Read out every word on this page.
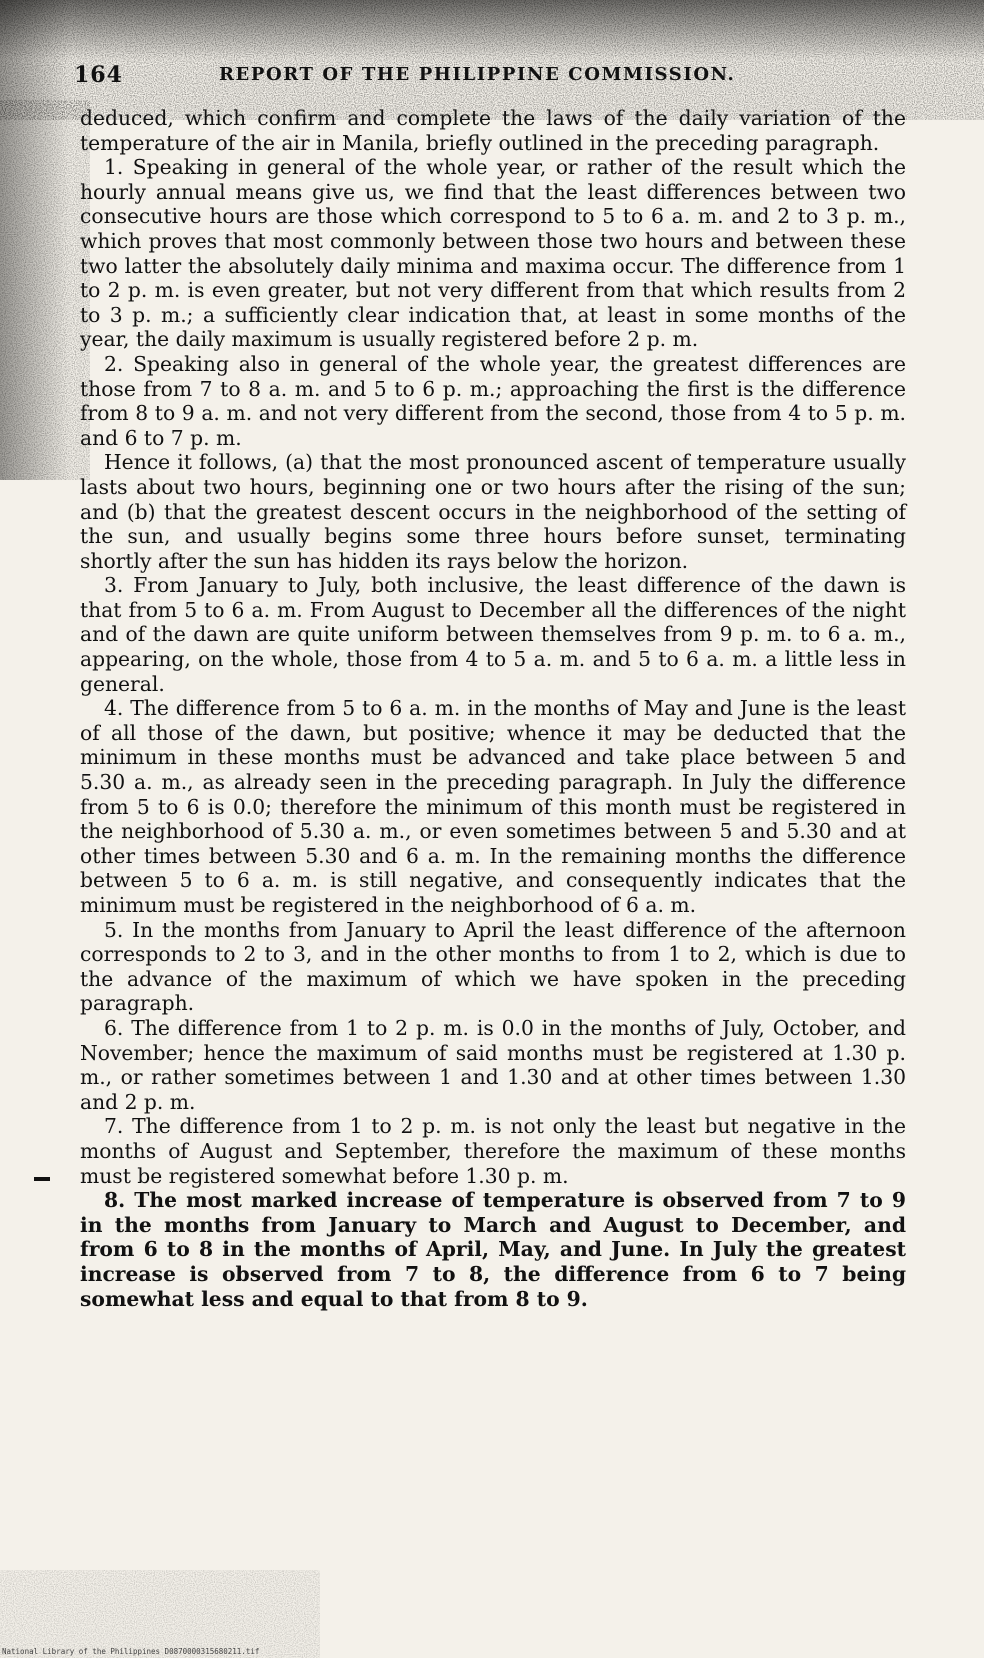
164	REPORT OF THE PHILIPPINE COMMISSION.

deduced, which confirm and complete the laws of the daily variation of the temperature of the air in Manila, briefly outlined in the preceding paragraph.

1. Speaking in general of the whole year, or rather of the result which the hourly annual means give us, we find that the least differences between two consecutive hours are those which correspond to 5 to 6 a. m. and 2 to 3 p. m., which proves that most commonly between those two hours and between these two latter the absolutely daily minima and maxima occur. The difference from 1 to 2 p. m. is even greater, but not very different from that which results from 2 to 3 p. m.; a sufficiently clear indication that, at least in some months of the year, the daily maximum is usually registered before 2 p. m.

2. Speaking also in general of the whole year, the greatest differences are those from 7 to 8 a. m. and 5 to 6 p. m.; approaching the first is the difference from 8 to 9 a. m. and not very different from the second, those from 4 to 5 p. m. and 6 to 7 p. m.

Hence it follows, (a) that the most pronounced ascent of temperature usually lasts about two hours, beginning one or two hours after the rising of the sun; and (b) that the greatest descent occurs in the neighborhood of the setting of the sun, and usually begins some three hours before sunset, terminating shortly after the sun has hidden its rays below the horizon.

3. From January to July, both inclusive, the least difference of the dawn is that from 5 to 6 a. m. From August to December all the differences of the night and of the dawn are quite uniform between themselves from 9 p. m. to 6 a. m., appearing, on the whole, those from 4 to 5 a. m. and 5 to 6 a. m. a little less in general.

4. The difference from 5 to 6 a. m. in the months of May and June is the least of all those of the dawn, but positive; whence it may be deducted that the minimum in these months must be advanced and take place between 5 and 5.30 a. m., as already seen in the preceding paragraph. In July the difference from 5 to 6 is 0.0; therefore the minimum of this month must be registered in the neighborhood of 5.30 a. m., or even sometimes between 5 and 5.30 and at other times between 5.30 and 6 a. m. In the remaining months the difference between 5 to 6 a. m. is still negative, and consequently indicates that the minimum must be registered in the neighborhood of 6 a. m.

5. In the months from January to April the least difference of the afternoon corresponds to 2 to 3, and in the other months to from 1 to 2, which is due to the advance of the maximum of which we have spoken in the preceding paragraph.

6. The difference from 1 to 2 p. m. is 0.0 in the months of July, October, and November; hence the maximum of said months must be registered at 1.30 p. m., or rather sometimes between 1 and 1.30 and at other times between 1.30 and 2 p. m.

7. The difference from 1 to 2 p. m. is not only the least but negative in the months of August and September, therefore the maximum of these months must be registered somewhat before 1.30 p. m.

8. The most marked increase of temperature is observed from 7 to 9 in the months from January to March and August to December, and from 6 to 8 in the months of April, May, and June. In July the greatest increase is observed from 7 to 8, the difference from 6 to 7 being somewhat less and equal to that from 8 to 9.

National Library of the Philippines D0870000315680211.tif
